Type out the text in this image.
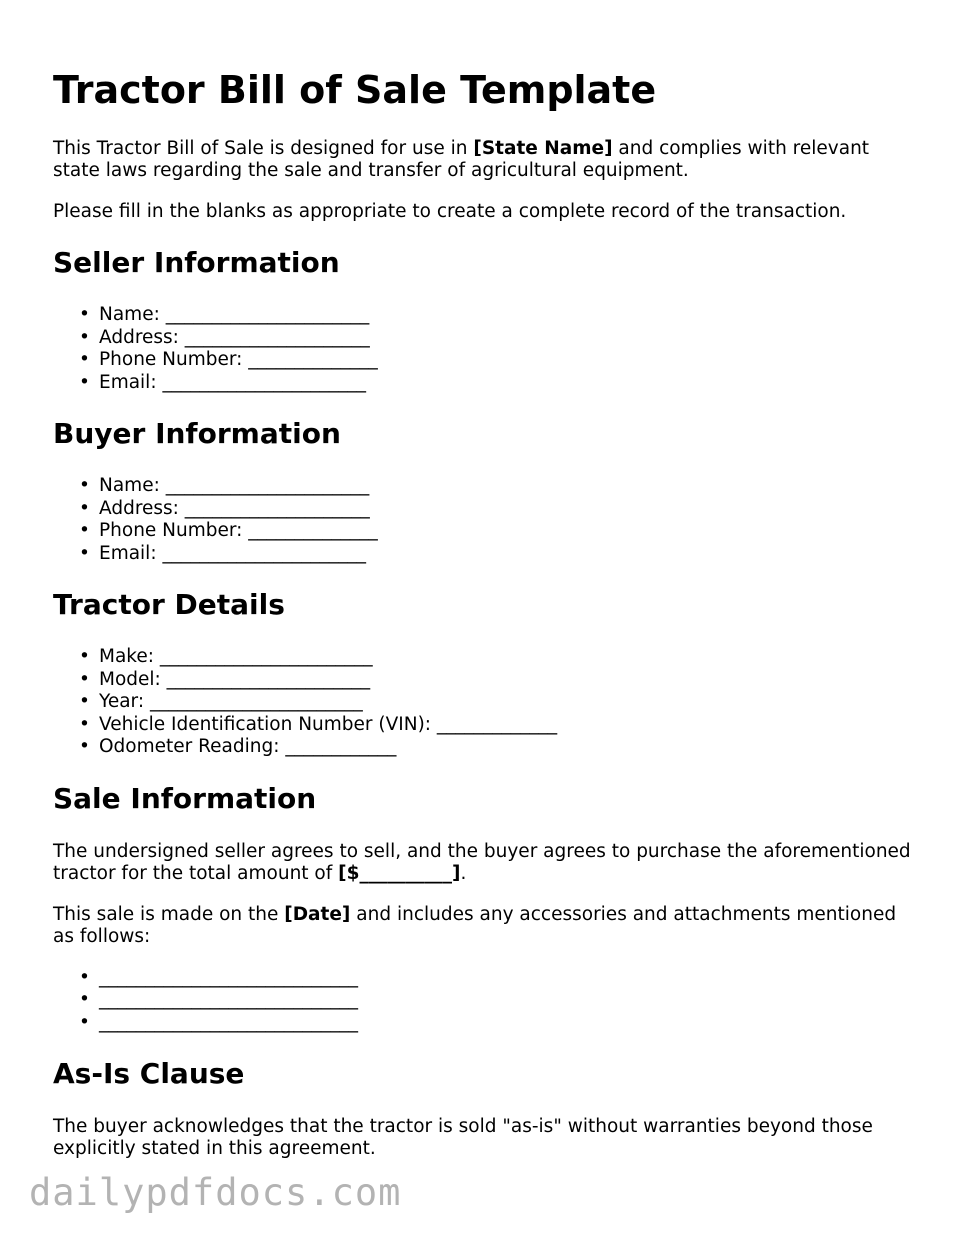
Tractor Bill of Sale Template

This Tractor Bill of Sale is designed for use in [State Name] and complies with relevant state laws regarding the sale and transfer of agricultural equipment.

Please fill in the blanks as appropriate to create a complete record of the transaction.

Seller Information
• Name: ______________________
• Address: ____________________
• Phone Number: ______________
• Email: ______________________
Buyer Information
• Name: ______________________
• Address: ____________________
• Phone Number: ______________
• Email: ______________________
Tractor Details
• Make: _______________________
• Model: ______________________
• Year: _______________________
• Vehicle Identification Number (VIN): _____________
• Odometer Reading: ____________
Sale Information

The undersigned seller agrees to sell, and the buyer agrees to purchase the aforementioned tractor for the total amount of [$__________].

This sale is made on the [Date] and includes any accessories and attachments mentioned as follows:

• ____________________________
• ____________________________
• ____________________________
As-Is Clause

The buyer acknowledges that the tractor is sold "as-is" without warranties beyond those explicitly stated in this agreement.

dailypdfdocs.com
